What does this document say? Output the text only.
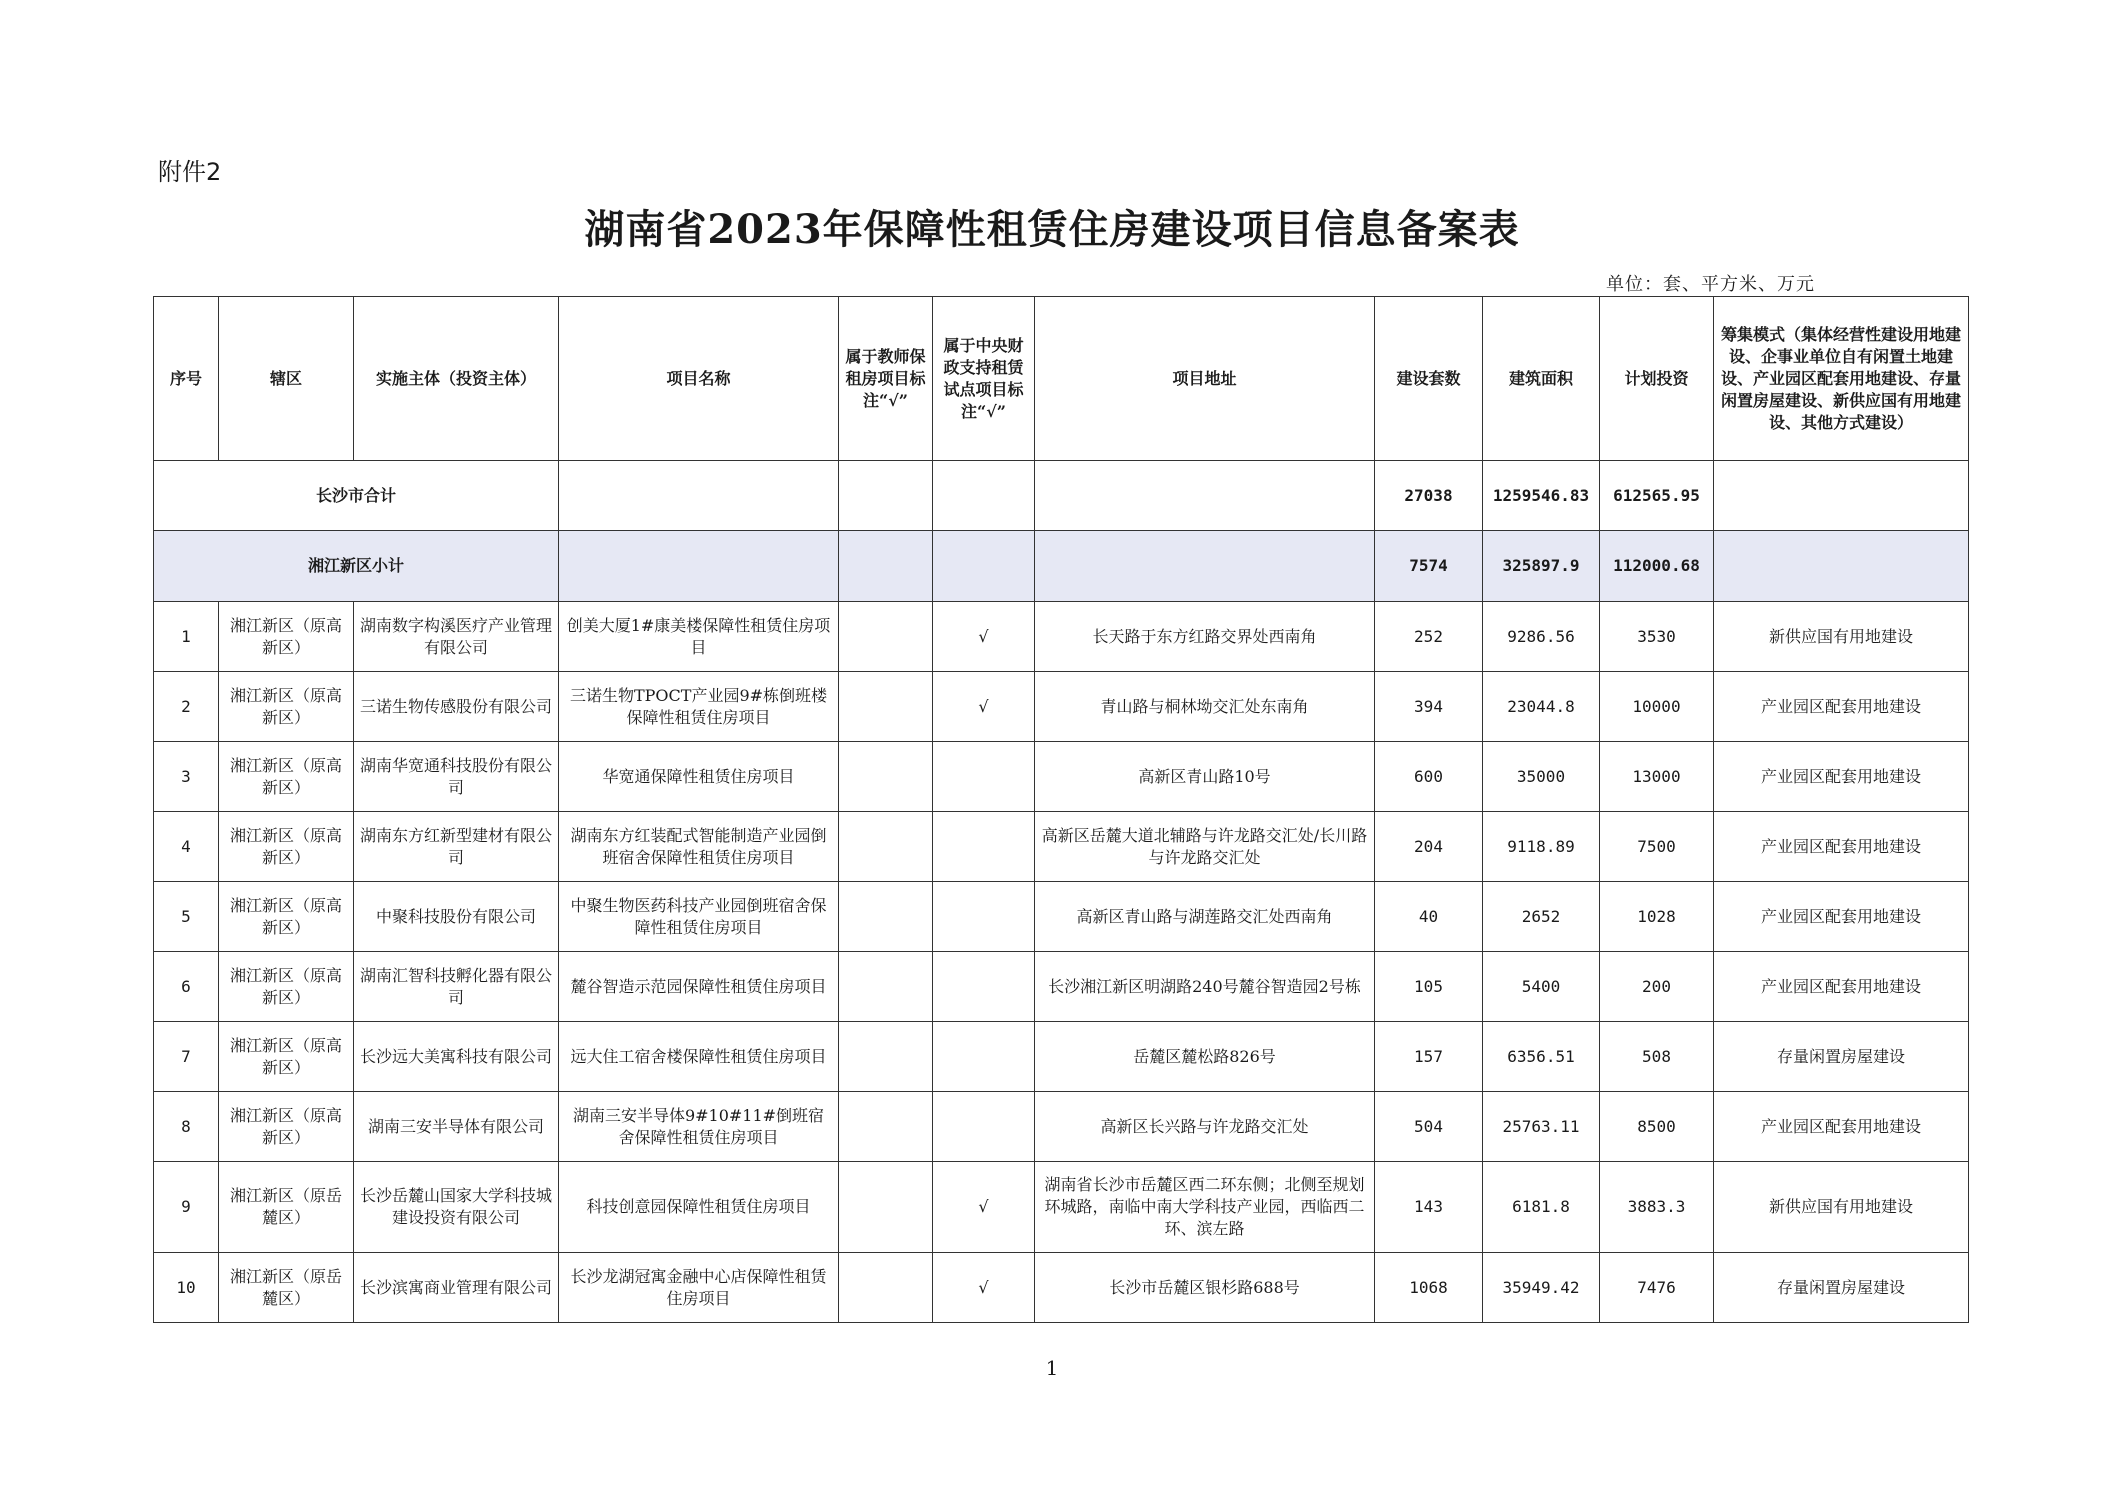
附件2
湖南省2023年保障性租赁住房建设项目信息备案表
单位：套、平方米、万元
序号	辖区	实施主体（投资主体）	项目名称	属于教师保租房项目标注“√”	属于中央财政支持租赁试点项目标注“√”	项目地址	建设套数	建筑面积	计划投资	筹集模式（集体经营性建设用地建设、企事业单位自有闲置土地建设、产业园区配套用地建设、存量闲置房屋建设、新供应国有用地建设、其他方式建设）
长沙市合计							27038	1259546.83	612565.95	
湘江新区小计							7574	325897.9	112000.68	
1	湘江新区（原高新区）	湖南数字构溪医疗产业管理有限公司	创美大厦1#康美楼保障性租赁住房项目		√	长天路于东方红路交界处西南角	252	9286.56	3530	新供应国有用地建设
2	湘江新区（原高新区）	三诺生物传感股份有限公司	三诺生物TPOCT产业园9#栋倒班楼保障性租赁住房项目		√	青山路与桐林坳交汇处东南角	394	23044.8	10000	产业园区配套用地建设
3	湘江新区（原高新区）	湖南华宽通科技股份有限公司	华宽通保障性租赁住房项目			高新区青山路10号	600	35000	13000	产业园区配套用地建设
4	湘江新区（原高新区）	湖南东方红新型建材有限公司	湖南东方红装配式智能制造产业园倒班宿舍保障性租赁住房项目			高新区岳麓大道北辅路与许龙路交汇处/长川路与许龙路交汇处	204	9118.89	7500	产业园区配套用地建设
5	湘江新区（原高新区）	中聚科技股份有限公司	中聚生物医药科技产业园倒班宿舍保障性租赁住房项目			高新区青山路与湖莲路交汇处西南角	40	2652	1028	产业园区配套用地建设
6	湘江新区（原高新区）	湖南汇智科技孵化器有限公司	麓谷智造示范园保障性租赁住房项目			长沙湘江新区明湖路240号麓谷智造园2号栋	105	5400	200	产业园区配套用地建设
7	湘江新区（原高新区）	长沙远大美寓科技有限公司	远大住工宿舍楼保障性租赁住房项目			岳麓区麓松路826号	157	6356.51	508	存量闲置房屋建设
8	湘江新区（原高新区）	湖南三安半导体有限公司	湖南三安半导体9#10#11#倒班宿舍保障性租赁住房项目			高新区长兴路与许龙路交汇处	504	25763.11	8500	产业园区配套用地建设
9	湘江新区（原岳麓区）	长沙岳麓山国家大学科技城建设投资有限公司	科技创意园保障性租赁住房项目		√	湖南省长沙市岳麓区西二环东侧；北侧至规划环城路，南临中南大学科技产业园，西临西二环、滨左路	143	6181.8	3883.3	新供应国有用地建设
10	湘江新区（原岳麓区）	长沙滨寓商业管理有限公司	长沙龙湖冠寓金融中心店保障性租赁住房项目		√	长沙市岳麓区银杉路688号	1068	35949.42	7476	存量闲置房屋建设
1
